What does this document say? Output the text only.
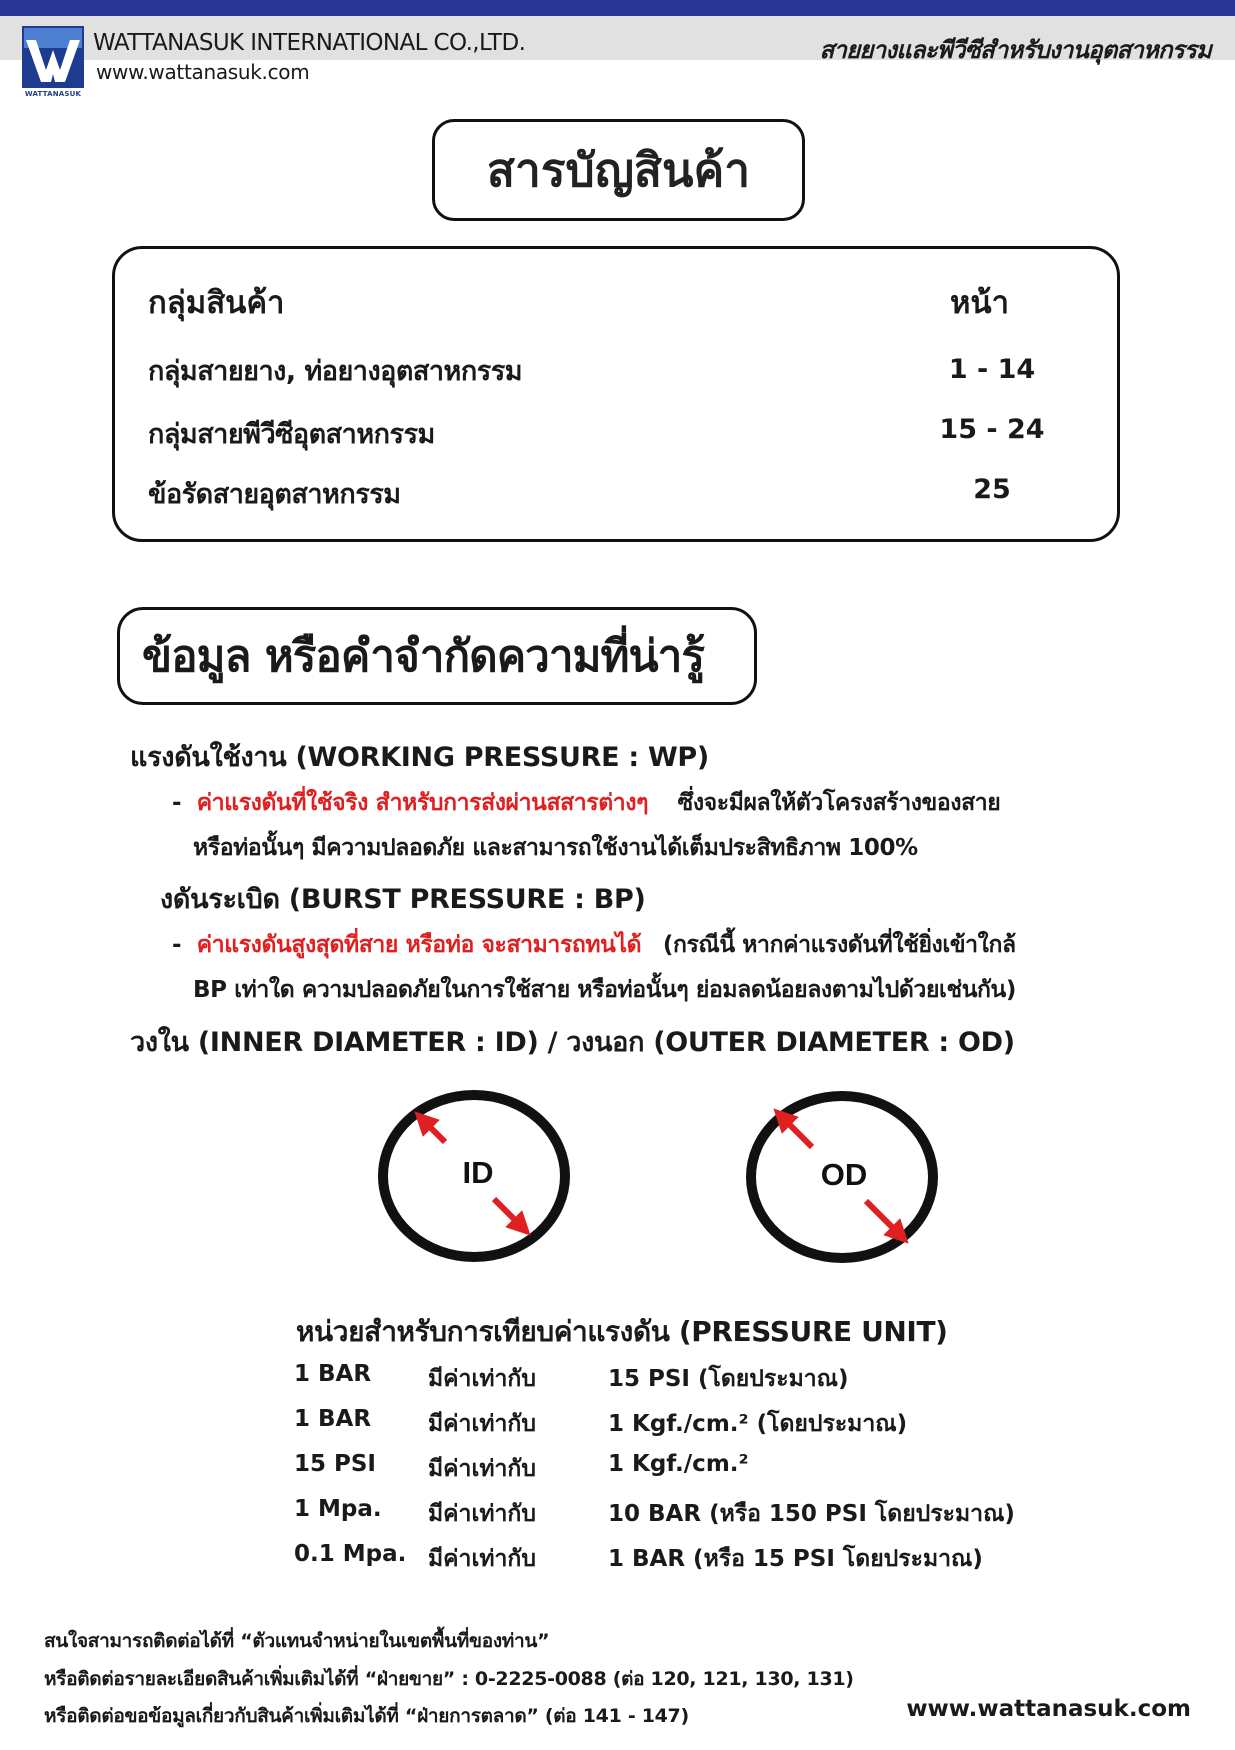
WATTANASUK
WATTANASUK INTERNATIONAL CO.,LTD.
www.wattanasuk.com
สายยางและพีวีซีสำหรับงานอุตสาหกรรม
สารบัญสินค้า
กลุ่มสินค้า	หน้า
กลุ่มสายยาง, ท่อยางอุตสาหกรรม	1 - 14
กลุ่มสายพีวีซีอุตสาหกรรม	15 - 24
ข้อรัดสายอุตสาหกรรม	25
ข้อมูล หรือคำจำกัดความที่น่ารู้
แรงดันใช้งาน (WORKING PRESSURE : WP)
- ค่าแรงดันที่ใช้จริง สำหรับการส่งผ่านสสารต่างๆ ซึ่งจะมีผลให้ตัวโครงสร้างของสาย
หรือท่อนั้นๆ มีความปลอดภัย และสามารถใช้งานได้เต็มประสิทธิภาพ 100%
งดันระเบิด (BURST PRESSURE : BP)
- ค่าแรงดันสูงสุดที่สาย หรือท่อ จะสามารถทนได้ (กรณีนี้ หากค่าแรงดันที่ใช้ยิ่งเข้าใกล้
BP เท่าใด ความปลอดภัยในการใช้สาย หรือท่อนั้นๆ ย่อมลดน้อยลงตามไปด้วยเช่นกัน)
วงใน (INNER DIAMETER : ID) / วงนอก (OUTER DIAMETER : OD)
ID	OD
หน่วยสำหรับการเทียบค่าแรงดัน (PRESSURE UNIT)
1 BAR มีค่าเท่ากับ	15 PSI (โดยประมาณ)
1 BAR มีค่าเท่ากับ	1 Kgf./cm.² (โดยประมาณ)
15 PSI มีค่าเท่ากับ	1 Kgf./cm.²
1 Mpa. มีค่าเท่ากับ	10 BAR (หรือ 150 PSI โดยประมาณ)
0.1 Mpa. มีค่าเท่ากับ	1 BAR (หรือ 15 PSI โดยประมาณ)
สนใจสามารถติดต่อได้ที่ “ตัวแทนจำหน่ายในเขตพื้นที่ของท่าน”
หรือติดต่อรายละเอียดสินค้าเพิ่มเติมได้ที่ “ฝ่ายขาย” : 0-2225-0088 (ต่อ 120, 121, 130, 131)
หรือติดต่อขอข้อมูลเกี่ยวกับสินค้าเพิ่มเติมได้ที่ “ฝ่ายการตลาด” (ต่อ 141 - 147)	www.wattanasuk.com
